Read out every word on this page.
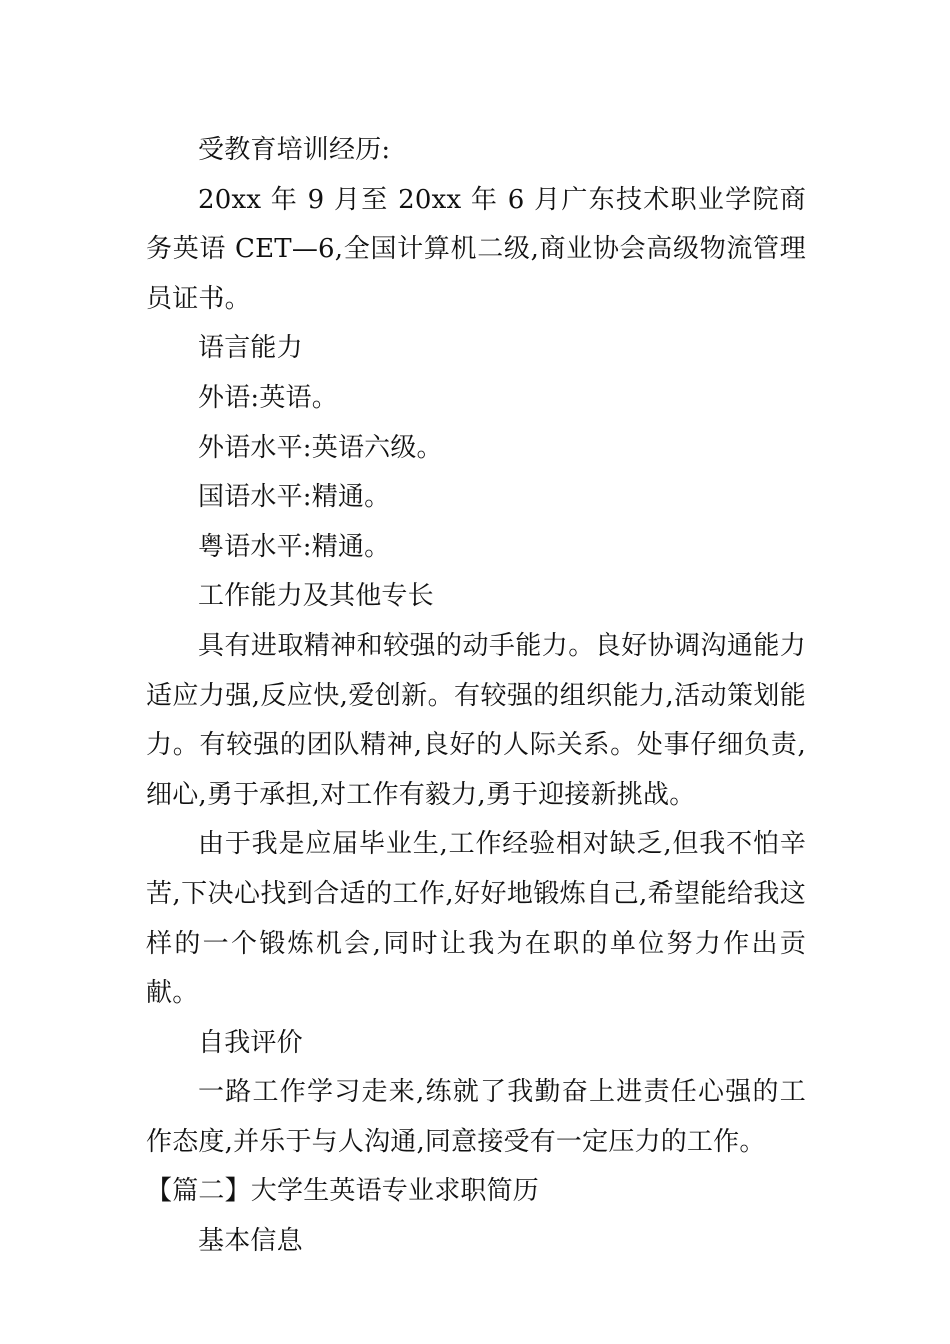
受教育培训经历:

20xx 年 9 月至 20xx 年 6 月广东技术职业学院商务英语 CET—6,全国计算机二级,商业协会高级物流管理员证书。

语言能力

外语:英语。

外语水平:英语六级。

国语水平:精通。

粤语水平:精通。

工作能力及其他专长

具有进取精神和较强的动手能力。良好协调沟通能力适应力强,反应快,爱创新。有较强的组织能力,活动策划能力。有较强的团队精神,良好的人际关系。处事仔细负责,细心,勇于承担,对工作有毅力,勇于迎接新挑战。

由于我是应届毕业生,工作经验相对缺乏,但我不怕辛苦,下决心找到合适的工作,好好地锻炼自己,希望能给我这样的一个锻炼机会,同时让我为在职的单位努力作出贡献。

自我评价

一路工作学习走来,练就了我勤奋上进责任心强的工作态度,并乐于与人沟通,同意接受有一定压力的工作。

【篇二】大学生英语专业求职简历

基本信息
